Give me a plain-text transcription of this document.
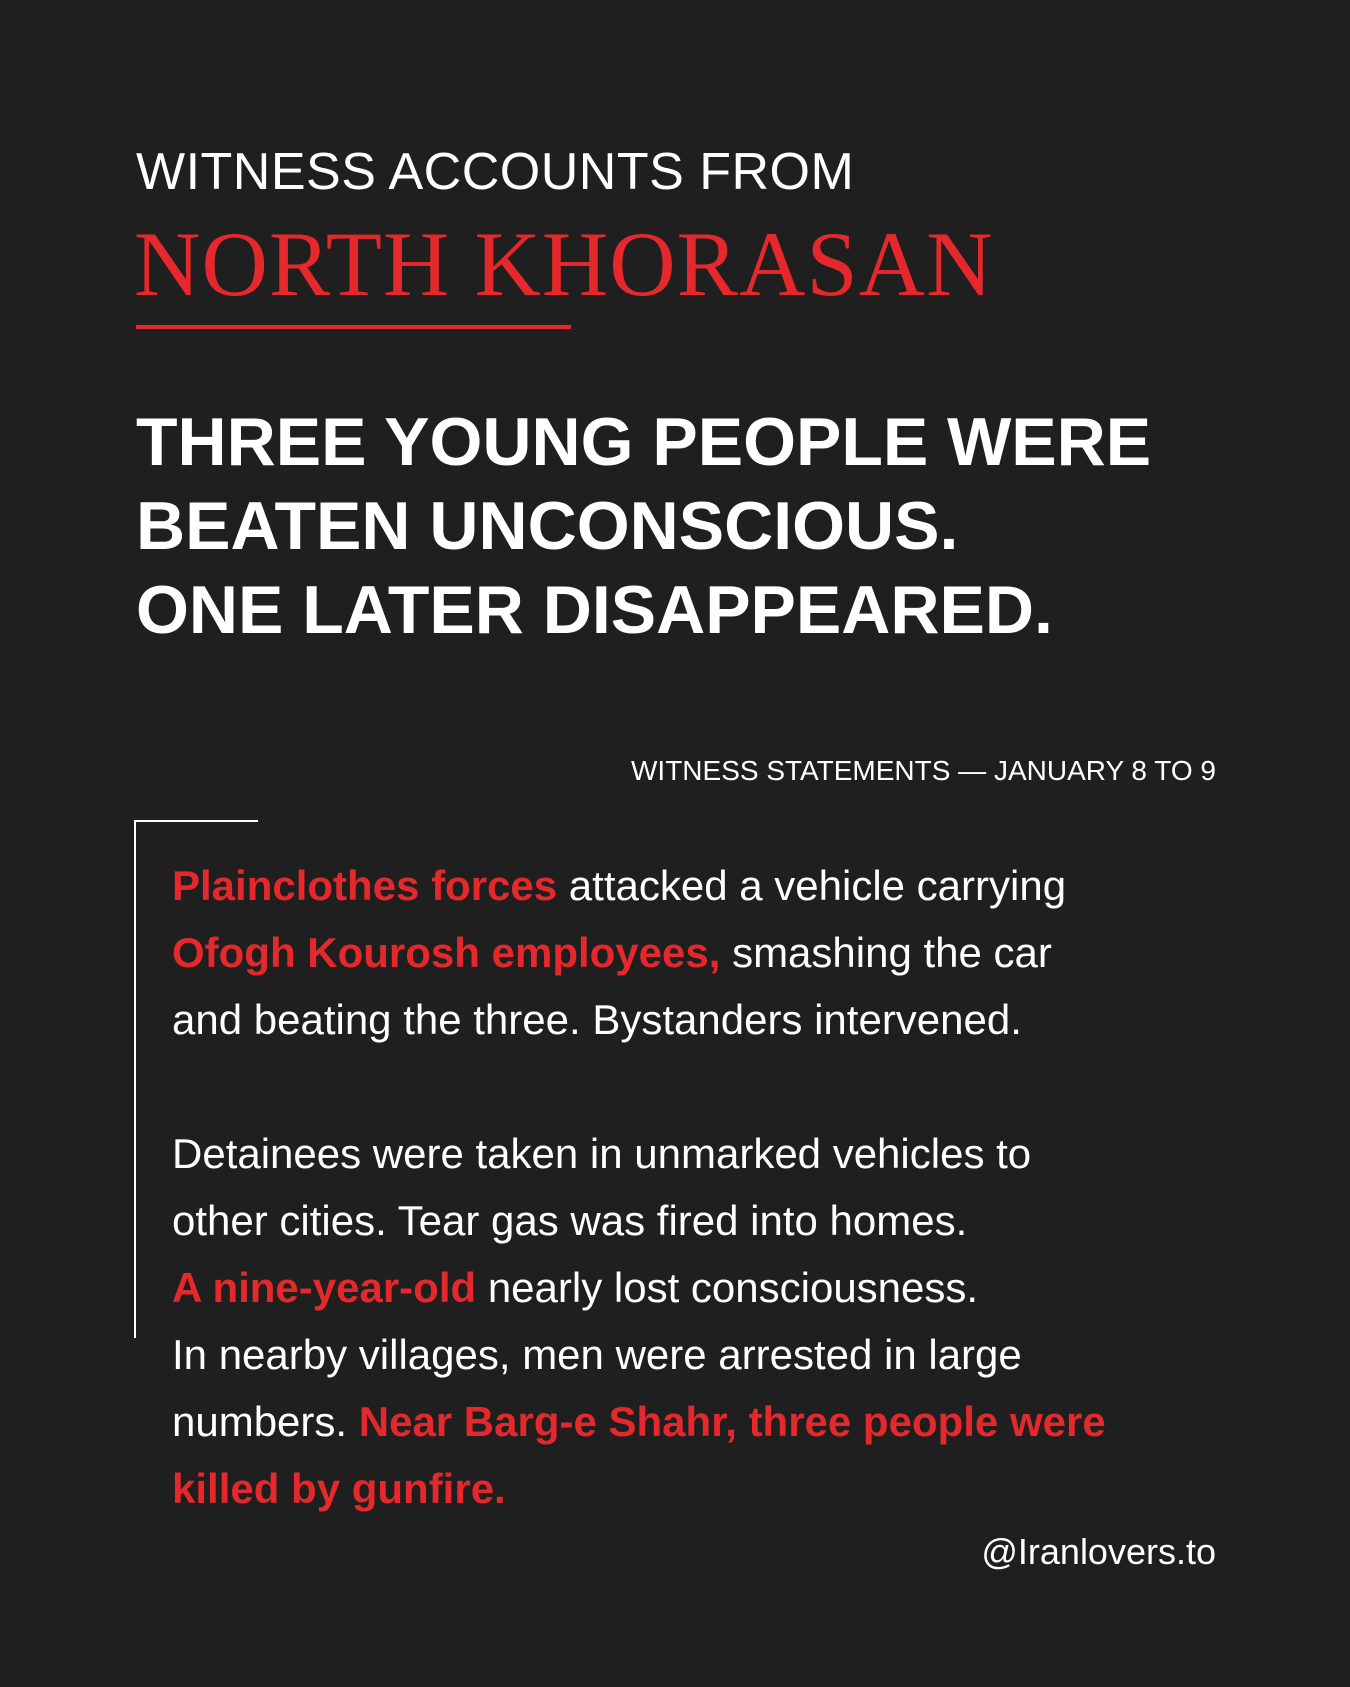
WITNESS ACCOUNTS FROM
NORTH KHORASAN
THREE YOUNG PEOPLE WERE
BEATEN UNCONSCIOUS.
ONE LATER DISAPPEARED.
WITNESS STATEMENTS — JANUARY 8 TO 9
Plainclothes forces attacked a vehicle carrying
Ofogh Kourosh employees, smashing the car
and beating the three. Bystanders intervened.
Detainees were taken in unmarked vehicles to
other cities. Tear gas was fired into homes.
A nine-year-old nearly lost consciousness.
In nearby villages, men were arrested in large
numbers. Near Barg-e Shahr, three people were
killed by gunfire.
@Iranlovers.to
